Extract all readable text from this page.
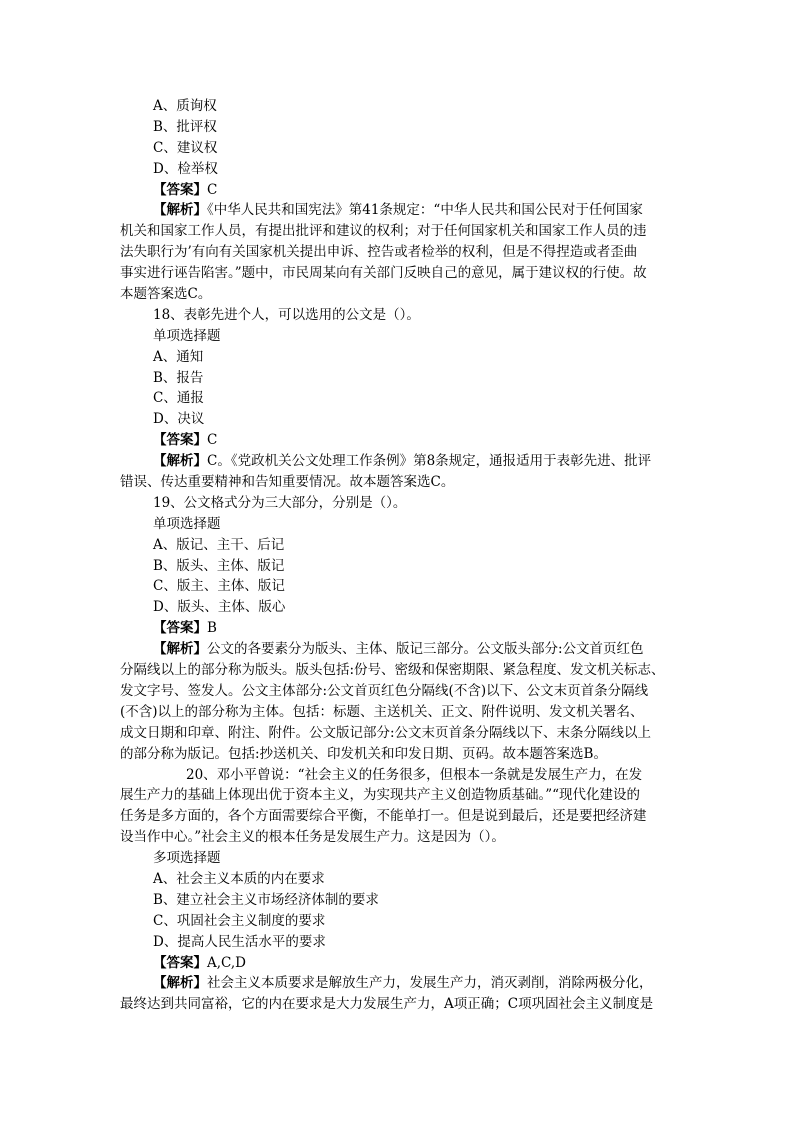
A、质询权
B、批评权
C、建议权
D、检举权
【答案】C
【解析】《中华人民共和国宪法》第41条规定：“中华人民共和国公民对于任何国家
机关和国家工作人员，有提出批评和建议的权利；对于任何国家机关和国家工作人员的违
法失职行为’有向有关国家机关提出申诉、控告或者检举的权利，但是不得捏造或者歪曲
事实进行诬告陷害。”题中，市民周某向有关部门反映自己的意见，属于建议权的行使。故
本题答案选C。
18、表彰先进个人，可以选用的公文是（）。
单项选择题
A、通知
B、报告
C、通报
D、决议
【答案】C
【解析】C。《党政机关公文处理工作条例》第8条规定，通报适用于表彰先进、批评
错误、传达重要精神和告知重要情况。故本题答案选C。
19、公文格式分为三大部分，分别是（）。
单项选择题
A、版记、主干、后记
B、版头、主体、版记
C、版主、主体、版记
D、版头、主体、版心
【答案】B
【解析】公文的各要素分为版头、主体、版记三部分。公文版头部分:公文首页红色
分隔线以上的部分称为版头。版头包括:份号、密级和保密期限、紧急程度、发文机关标志、
发文字号、签发人。公文主体部分:公文首页红色分隔线(不含)以下、公文末页首条分隔线
(不含)以上的部分称为主体。包括：标题、主送机关、正文、附件说明、发文机关署名、
成文日期和印章、附注、附件。公文版记部分:公文末页首条分隔线以下、末条分隔线以上
的部分称为版记。包括:抄送机关、印发机关和印发日期、页码。故本题答案选B。
20、邓小平曾说：“社会主义的任务很多，但根本一条就是发展生产力，在发
展生产力的基础上体现出优于资本主义，为实现共产主义创造物质基础。”“现代化建设的
任务是多方面的，各个方面需要综合平衡，不能单打一。但是说到最后，还是要把经济建
设当作中心。”社会主义的根本任务是发展生产力。这是因为（）。
多项选择题
A、社会主义本质的内在要求
B、建立社会主义市场经济体制的要求
C、巩固社会主义制度的要求
D、提高人民生活水平的要求
【答案】A,C,D
【解析】社会主义本质要求是解放生产力，发展生产力，消灭剥削，消除两极分化，
最终达到共同富裕，它的内在要求是大力发展生产力，A项正确；C项巩固社会主义制度是
